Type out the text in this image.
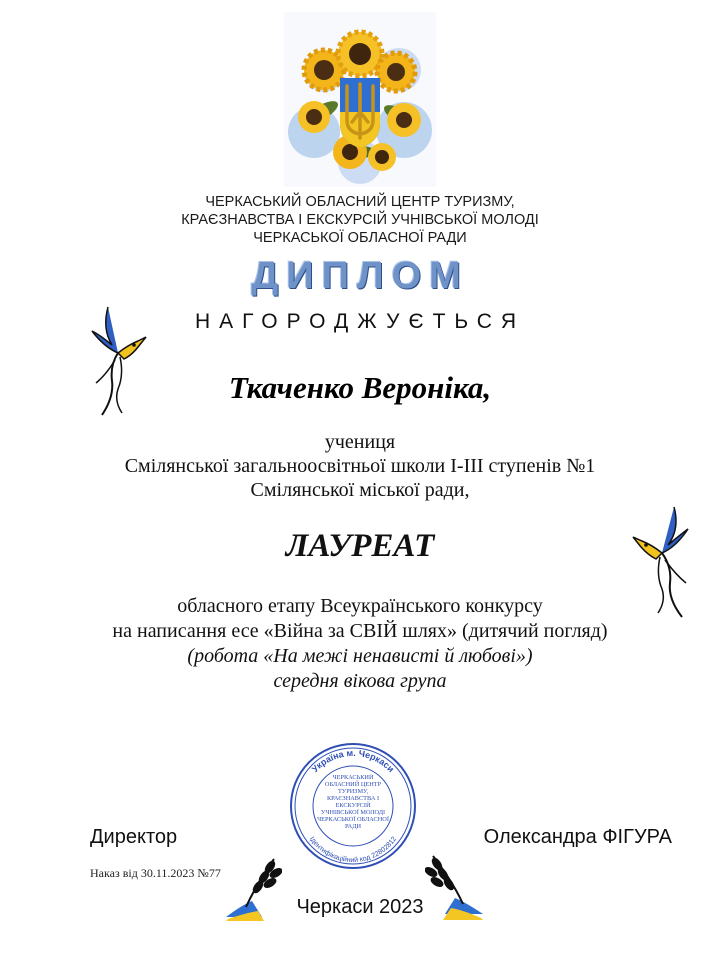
ЧЕРКАСЬКИЙ ОБЛАСНИЙ ЦЕНТР ТУРИЗМУ,
КРАЄЗНАВСТВА І ЕКСКУРСІЙ УЧНІВСЬКОЇ МОЛОДІ
ЧЕРКАСЬКОЇ ОБЛАСНОЇ РАДИ
ДИПЛОМ
НАГОРОДЖУЄТЬСЯ
Ткаченко Вероніка,
учениця
Смілянської загальноосвітньої школи І-ІІІ ступенів №1
Смілянської міської ради,
ЛАУРЕАТ
обласного етапу Всеукраїнського конкурсу
на написання есе «Війна за СВІЙ шлях» (дитячий погляд)
(робота «На межі ненависті й любові»)
середня вікова група
Україна м. Черкаси
Ідентифікаційний код 22802812
ЧЕРКАСЬКИЙ ОБЛАСНИЙ ЦЕНТР ТУРИЗМУ, КРАЄЗНАВСТВА І ЕКСКУРСІЙ УЧНІВСЬКОЇ МОЛОДІ ЧЕРКАСЬКОЇ ОБЛАСНОЇ РАДИ
Директор	Олександра ФІГУРА
Наказ від 30.11.2023 №77
Черкаси 2023
